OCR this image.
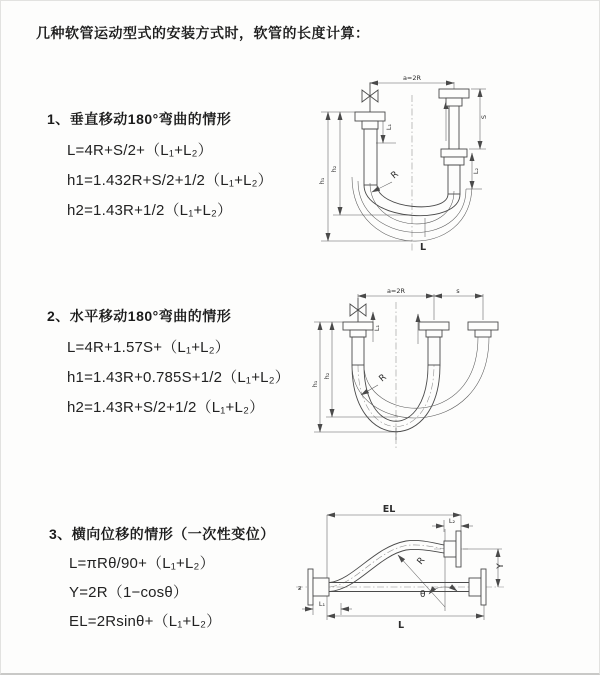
几种软管运动型式的安装方式时，软管的长度计算：
1、垂直移动180°弯曲的情形
L=4R+S/2+（L₁+L₂）
h1=1.432R+S/2+1/2（L₁+L₂）
h2=1.43R+1/2（L₁+L₂）
a=2R
h₁
h₂
L₁
S
L₂
R
L
2、水平移动180°弯曲的情形
L=4R+1.57S+（L₁+L₂）
h1=1.43R+0.785S+1/2（L₁+L₂）
h2=1.43R+S/2+1/2（L₁+L₂）
a=2R	s
h₁
h₂
L₁
R
3、横向位移的情形（一次性变位）
L=πRθ/90+（L₁+L₂）
Y=2R（1−cosθ）
EL=2Rsinθ+（L₁+L₂）
EL
L₂
Y
R
θ
L
L₁
ƶ
